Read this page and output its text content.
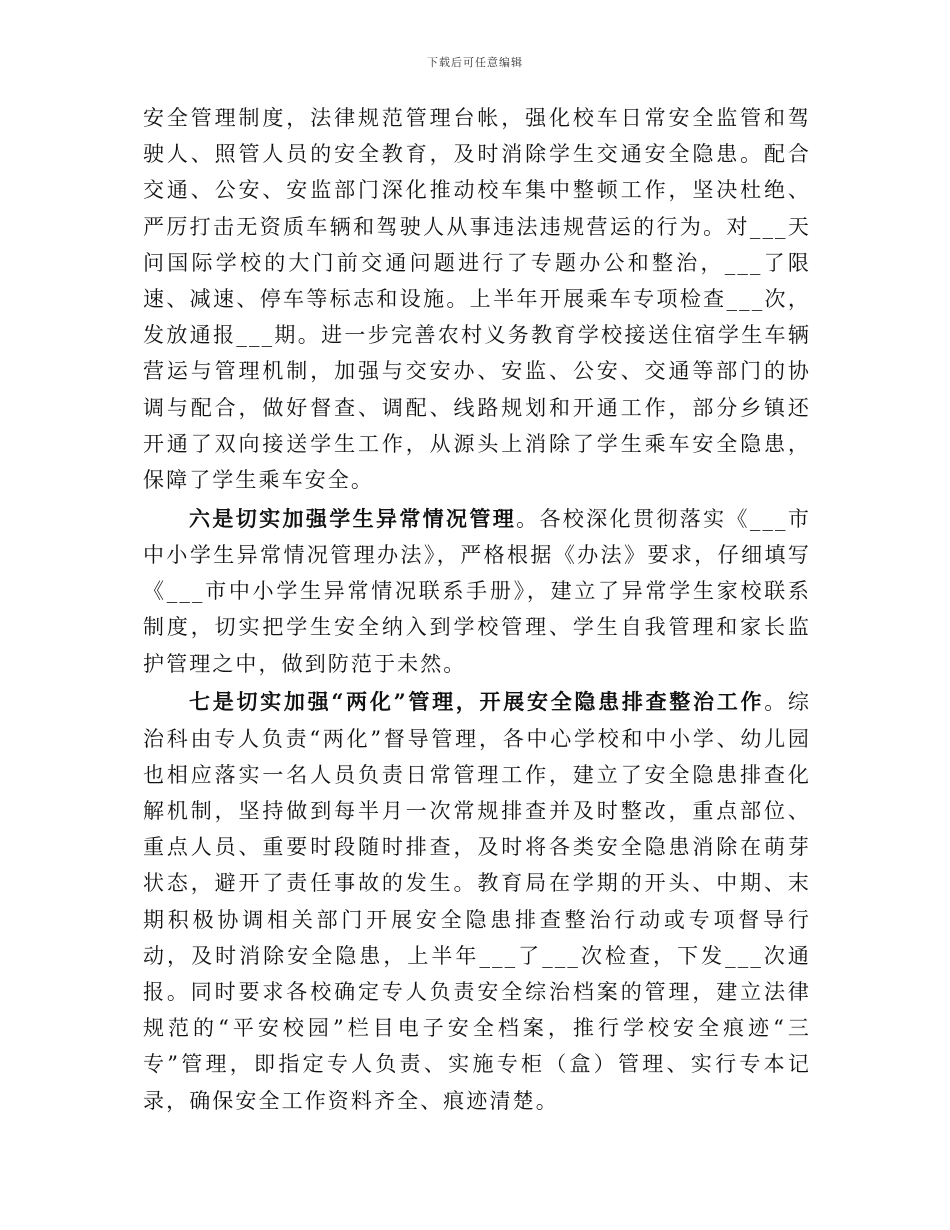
下载后可任意编辑

安全管理制度，法律规范管理台帐，强化校车日常安全监管和驾驶人、照管人员的安全教育，及时消除学生交通安全隐患。配合交通、公安、安监部门深化推动校车集中整顿工作，坚决杜绝、严厉打击无资质车辆和驾驶人从事违法违规营运的行为。对___天问国际学校的大门前交通问题进行了专题办公和整治，___了限速、减速、停车等标志和设施。上半年开展乘车专项检查___次，发放通报___期。进一步完善农村义务教育学校接送住宿学生车辆营运与管理机制，加强与交安办、安监、公安、交通等部门的协调与配合，做好督查、调配、线路规划和开通工作，部分乡镇还开通了双向接送学生工作，从源头上消除了学生乘车安全隐患，保障了学生乘车安全。

六是切实加强学生异常情况管理。各校深化贯彻落实《___市中小学生异常情况管理办法》，严格根据《办法》要求，仔细填写《___市中小学生异常情况联系手册》，建立了异常学生家校联系制度，切实把学生安全纳入到学校管理、学生自我管理和家长监护管理之中，做到防范于未然。

七是切实加强“两化”管理，开展安全隐患排查整治工作。综治科由专人负责“两化”督导管理，各中心学校和中小学、幼儿园也相应落实一名人员负责日常管理工作，建立了安全隐患排查化解机制，坚持做到每半月一次常规排查并及时整改，重点部位、重点人员、重要时段随时排查，及时将各类安全隐患消除在萌芽状态，避开了责任事故的发生。教育局在学期的开头、中期、末期积极协调相关部门开展安全隐患排查整治行动或专项督导行动，及时消除安全隐患，上半年___了___次检查，下发___次通报。同时要求各校确定专人负责安全综治档案的管理，建立法律规范的“平安校园”栏目电子安全档案，推行学校安全痕迹“三专”管理，即指定专人负责、实施专柜（盒）管理、实行专本记录，确保安全工作资料齐全、痕迹清楚。
